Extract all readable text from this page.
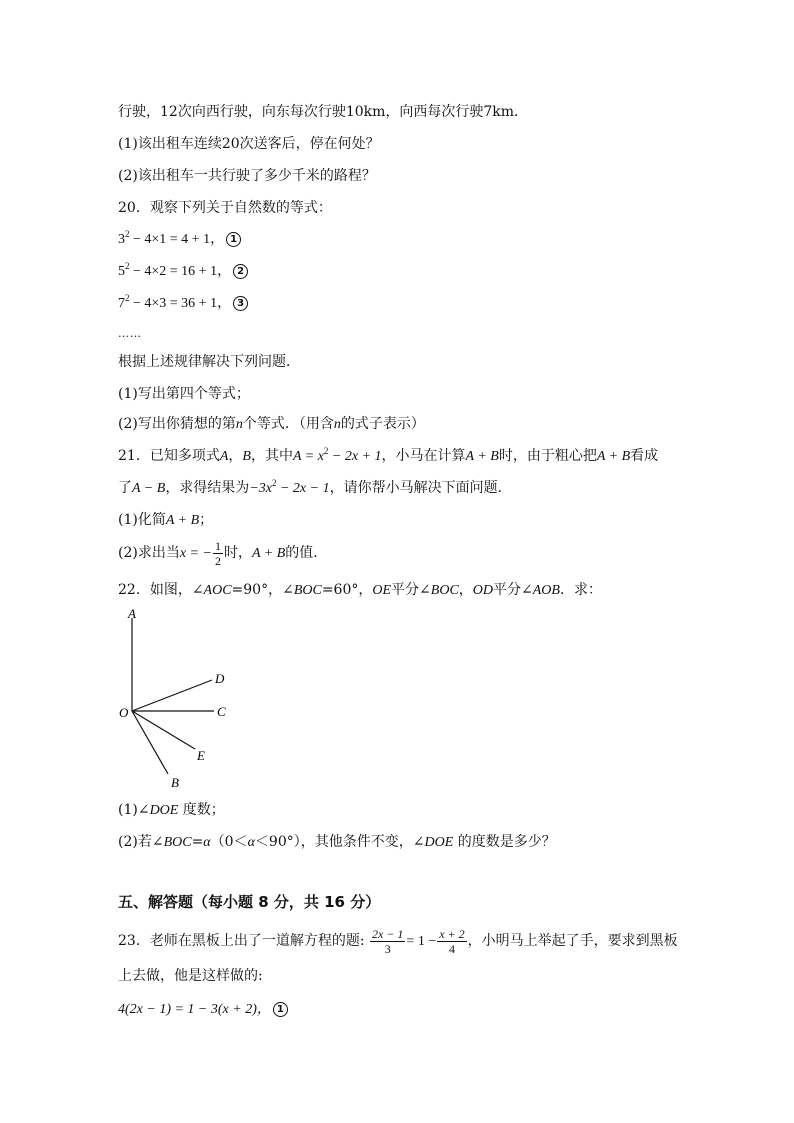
行驶，12次向西行驶，向东每次行驶10km，向西每次行驶7km．
(1)该出租车连续20次送客后，停在何处？
(2)该出租车一共行驶了多少千米的路程？
20．观察下列关于自然数的等式：
$3^2 - 4\times 1 = 4 + 1$， 1
$5^2 - 4\times 2 = 16 + 1$， 2
$7^2 - 4\times 3 = 36 + 1$， 3
……
根据上述规律解决下列问题．
(1)写出第四个等式；
(2)写出你猜想的第n个等式．（用含n的式子表示）
21．已知多项式A，B，其中$A = x^2 - 2x + 1$，小马在计算A + B时，由于粗心把A + B看成
了A − B，求得结果为$-3x^2 - 2x - 1$，请你帮小马解决下面问题．
(1)化简A + B；
(2)求出当x = − $\frac{1}{2}$ 时，A + B的值．
22．如图，∠AOC=90°，∠BOC=60°，OE平分∠BOC，OD平分∠AOB．求：
A
D
O	C
E
B
(1)∠DOE 度数；
(2)若∠BOC=α（0＜α＜90°），其他条件不变，∠DOE 的度数是多少？
五、解答题（每小题 8 分，共 16 分）
23．老师在黑板上出了一道解方程的题: $\frac{2x - 1}{3} = 1 - \frac{x + 2}{4}$ ，小明马上举起了手，要求到黑板
上去做，他是这样做的:
4(2x − 1) = 1 − 3(x + 2)， 1
